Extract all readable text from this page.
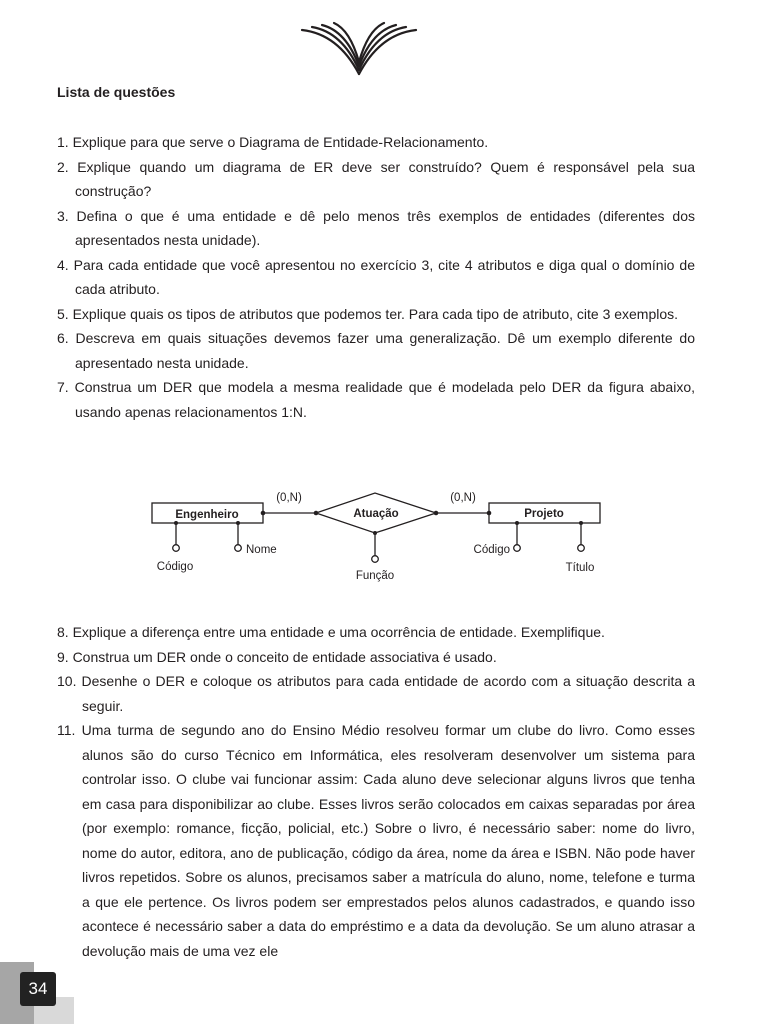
Lista de questões

1. Explique para que serve o Diagrama de Entidade-Relacionamento.

2. Explique quando um diagrama de ER deve ser construído? Quem é responsável pela sua construção?

3. Defina o que é uma entidade e dê pelo menos três exemplos de entidades (diferentes dos apresentados nesta unidade).

4. Para cada entidade que você apresentou no exercício 3, cite 4 atributos e diga qual o domínio de cada atributo.

5. Explique quais os tipos de atributos que podemos ter. Para cada tipo de atributo, cite 3 exemplos.

6. Descreva em quais situações devemos fazer uma generalização. Dê um exemplo diferente do apresentado nesta unidade.

7. Construa um DER que modela a mesma realidade que é modelada pelo DER da figura abaixo, usando apenas relacionamentos 1:N.

Engenheiro	Atuação	Projeto
(0,N)	(0,N)
Código
Nome
Função
Código
Título

8. Explique a diferença entre uma entidade e uma ocorrência de entidade. Exemplifique.

9. Construa um DER onde o conceito de entidade associativa é usado.

10. Desenhe o DER e coloque os atributos para cada entidade de acordo com a situação descrita a seguir.

11. Uma turma de segundo ano do Ensino Médio resolveu formar um clube do livro. Como esses alunos são do curso Técnico em Informática, eles resolveram desenvolver um sistema para controlar isso. O clube vai funcionar assim: Cada aluno deve selecionar alguns livros que tenha em casa para disponibilizar ao clube. Esses livros serão colocados em caixas separadas por área (por exemplo: romance, ficção, policial, etc.) Sobre o livro, é necessário saber: nome do livro, nome do autor, editora, ano de publicação, código da área, nome da área e ISBN. Não pode haver livros repetidos. Sobre os alunos, precisamos saber a matrícula do aluno, nome, telefone e turma a que ele pertence. Os livros podem ser emprestados pelos alunos cadastrados, e quando isso acontece é necessário saber a data do empréstimo e a data da devolução. Se um aluno atrasar a devolução mais de uma vez ele

34
